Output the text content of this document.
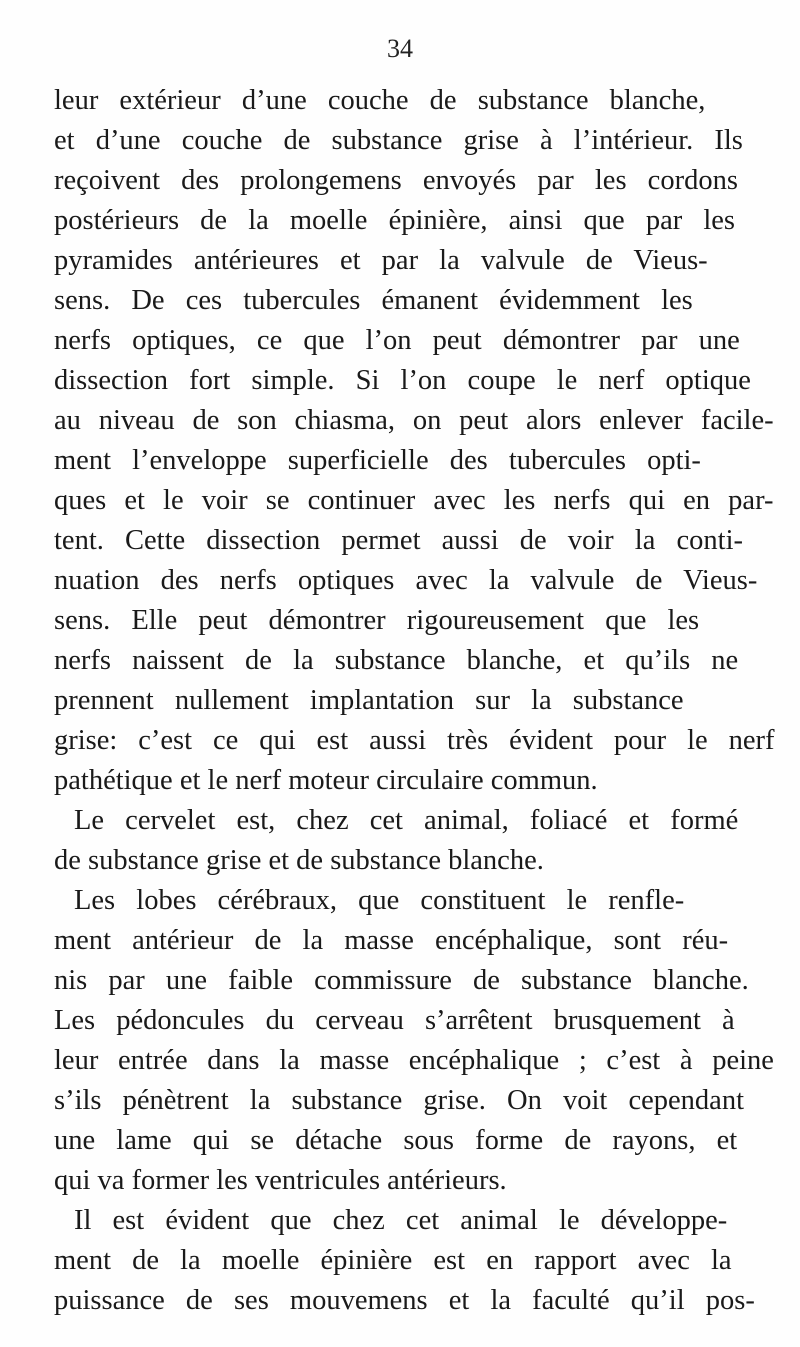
34
leur extérieur d’une couche de substance blanche,
et d’une couche de substance grise à l’intérieur. Ils
reçoivent des prolongemens envoyés par les cordons
postérieurs de la moelle épinière, ainsi que par les
pyramides antérieures et par la valvule de Vieus-
sens. De ces tubercules émanent évidemment les
nerfs optiques, ce que l’on peut démontrer par une
dissection fort simple. Si l’on coupe le nerf optique
au niveau de son chiasma, on peut alors enlever facile-
ment l’enveloppe superficielle des tubercules opti-
ques et le voir se continuer avec les nerfs qui en par-
tent. Cette dissection permet aussi de voir la conti-
nuation des nerfs optiques avec la valvule de Vieus-
sens. Elle peut démontrer rigoureusement que les
nerfs naissent de la substance blanche, et qu’ils ne
prennent nullement implantation sur la substance
grise: c’est ce qui est aussi très évident pour le nerf
pathétique et le nerf moteur circulaire commun.
Le cervelet est, chez cet animal, foliacé et formé
de substance grise et de substance blanche.
Les lobes cérébraux, que constituent le renfle-
ment antérieur de la masse encéphalique, sont réu-
nis par une faible commissure de substance blanche.
Les pédoncules du cerveau s’arrêtent brusquement à
leur entrée dans la masse encéphalique ; c’est à peine
s’ils pénètrent la substance grise. On voit cependant
une lame qui se détache sous forme de rayons, et
qui va former les ventricules antérieurs.
Il est évident que chez cet animal le développe-
ment de la moelle épinière est en rapport avec la
puissance de ses mouvemens et la faculté qu’il pos-
